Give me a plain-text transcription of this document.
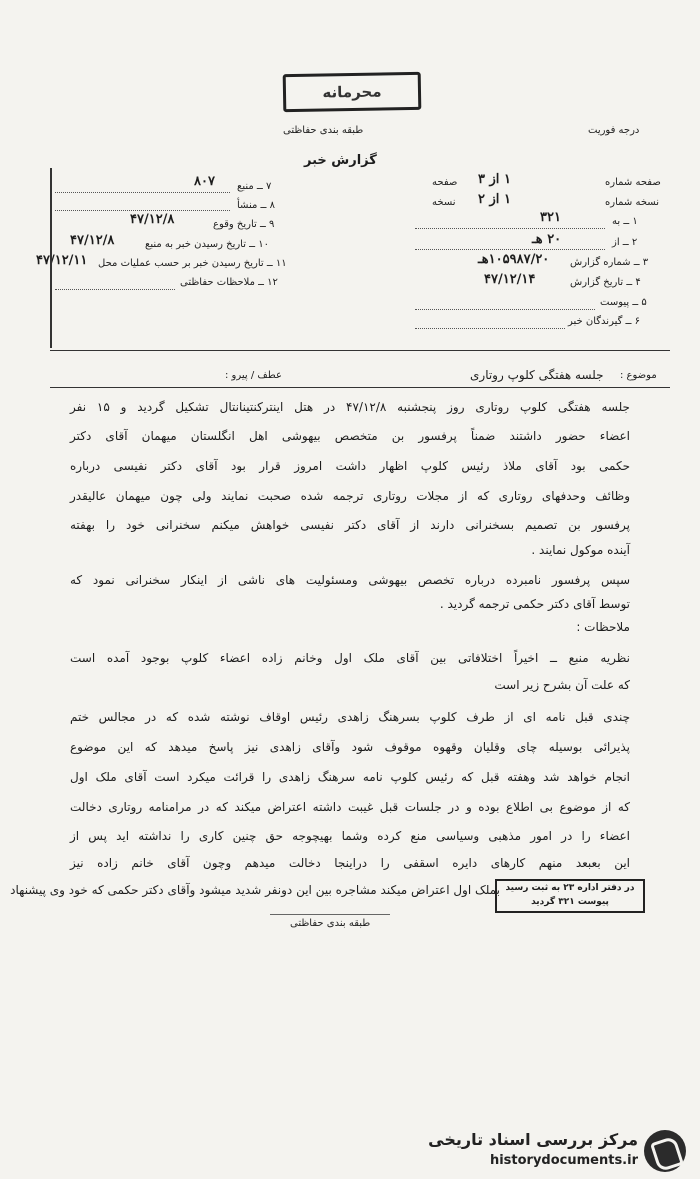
محرمانه
طبقه بندی حفاظتی	درجه فوریت
گزارش خبر
صفحه شماره
۱ از ۳
صفحه
نسخه شماره
۱ از ۲
نسخه
۱ ــ به
۳۲۱
۲ ــ از
۲۰ هـ
۳ ــ شماره گزارش
۱۰۵۹۸۷/۲۰هـ
۴ ــ تاریخ گزارش
۴۷/۱۲/۱۴
۵ ــ پیوست
۶ ــ گیرندگان خبر
۷ ــ منبع
۸۰۷
۸ ــ منشأ
۹ ــ تاریخ وقوع
۴۷/۱۲/۸
۱۰ ــ تاریخ رسیدن خبر به منبع
۴۷/۱۲/۸
۱۱ ــ تاریخ رسیدن خبر بر حسب عملیات محل
۴۷/۱۲/۱۱
۱۲ ــ ملاحظات حفاظتی
موضوع :
جلسه هفتگی کلوپ روتاری
عطف / پیرو :
جلسه هفتگی کلوپ روتاری روز پنجشنبه ۴۷/۱۲/۸ در هتل اینترکنتینانتال تشکیل گردید و ۱۵ نفر
اعضاء حضور داشتند ضمناً پرفسور بن متخصص بیهوشی اهل انگلستان میهمان آقای دکتر
حکمی بود آقای ملاذ رئیس کلوپ اظهار داشت امروز قرار بود آقای دکتر نفیسی درباره
وظائف وحدفهای روتاری که از مجلات روتاری ترجمه شده صحبت نمایند ولی چون میهمان عالیقدر
پرفسور بن تصمیم بسخنرانی دارند از آقای دکتر نفیسی خواهش میکنم سخنرانی خود را بهفته
آینده موکول نمایند .
سپس پرفسور نامبرده درباره تخصص بیهوشی ومسئولیت های ناشی از اینکار سخنرانی نمود که
توسط آقای دکتر حکمی ترجمه گردید .
ملاحظات :
نظریه منبع ــ اخیراً اختلافاتی بین آقای ملک اول وخانم زاده اعضاء کلوپ بوجود آمده است
که علت آن بشرح زیر است
چندی قبل نامه ای از طرف کلوپ بسرهنگ زاهدی رئیس اوقاف نوشته شده که در مجالس ختم
پذیرائی بوسیله چای وقلیان وقهوه موقوف شود وآقای زاهدی نیز پاسخ میدهد که این موضوع
انجام خواهد شد وهفته قبل که رئیس کلوپ نامه سرهنگ زاهدی را قرائت میکرد است آقای ملک اول
که از موضوع بی اطلاع بوده و در جلسات قبل غیبت داشته اعتراض میکند که در مرامنامه روتاری دخالت
اعضاء را در امور مذهبی وسیاسی منع کرده وشما بهیچوجه حق چنین کاری را نداشته اید پس از
این بعبعد منهم کارهای دایره اسقفی را دراینجا دخالت میدهم وچون آقای خانم زاده نیز
بملک اول اعتراض میکند مشاجره بین این دونفر شدید میشود وآقای دکتر حکمی که خود وی پیشنهاد در دفتر اداره ۲۳ به ثبت رسید
پیوست ۳۲۱ گردید
طبقه بندی حفاظتی
مرکز بررسی اسناد تاریخی
historydocuments.ir
